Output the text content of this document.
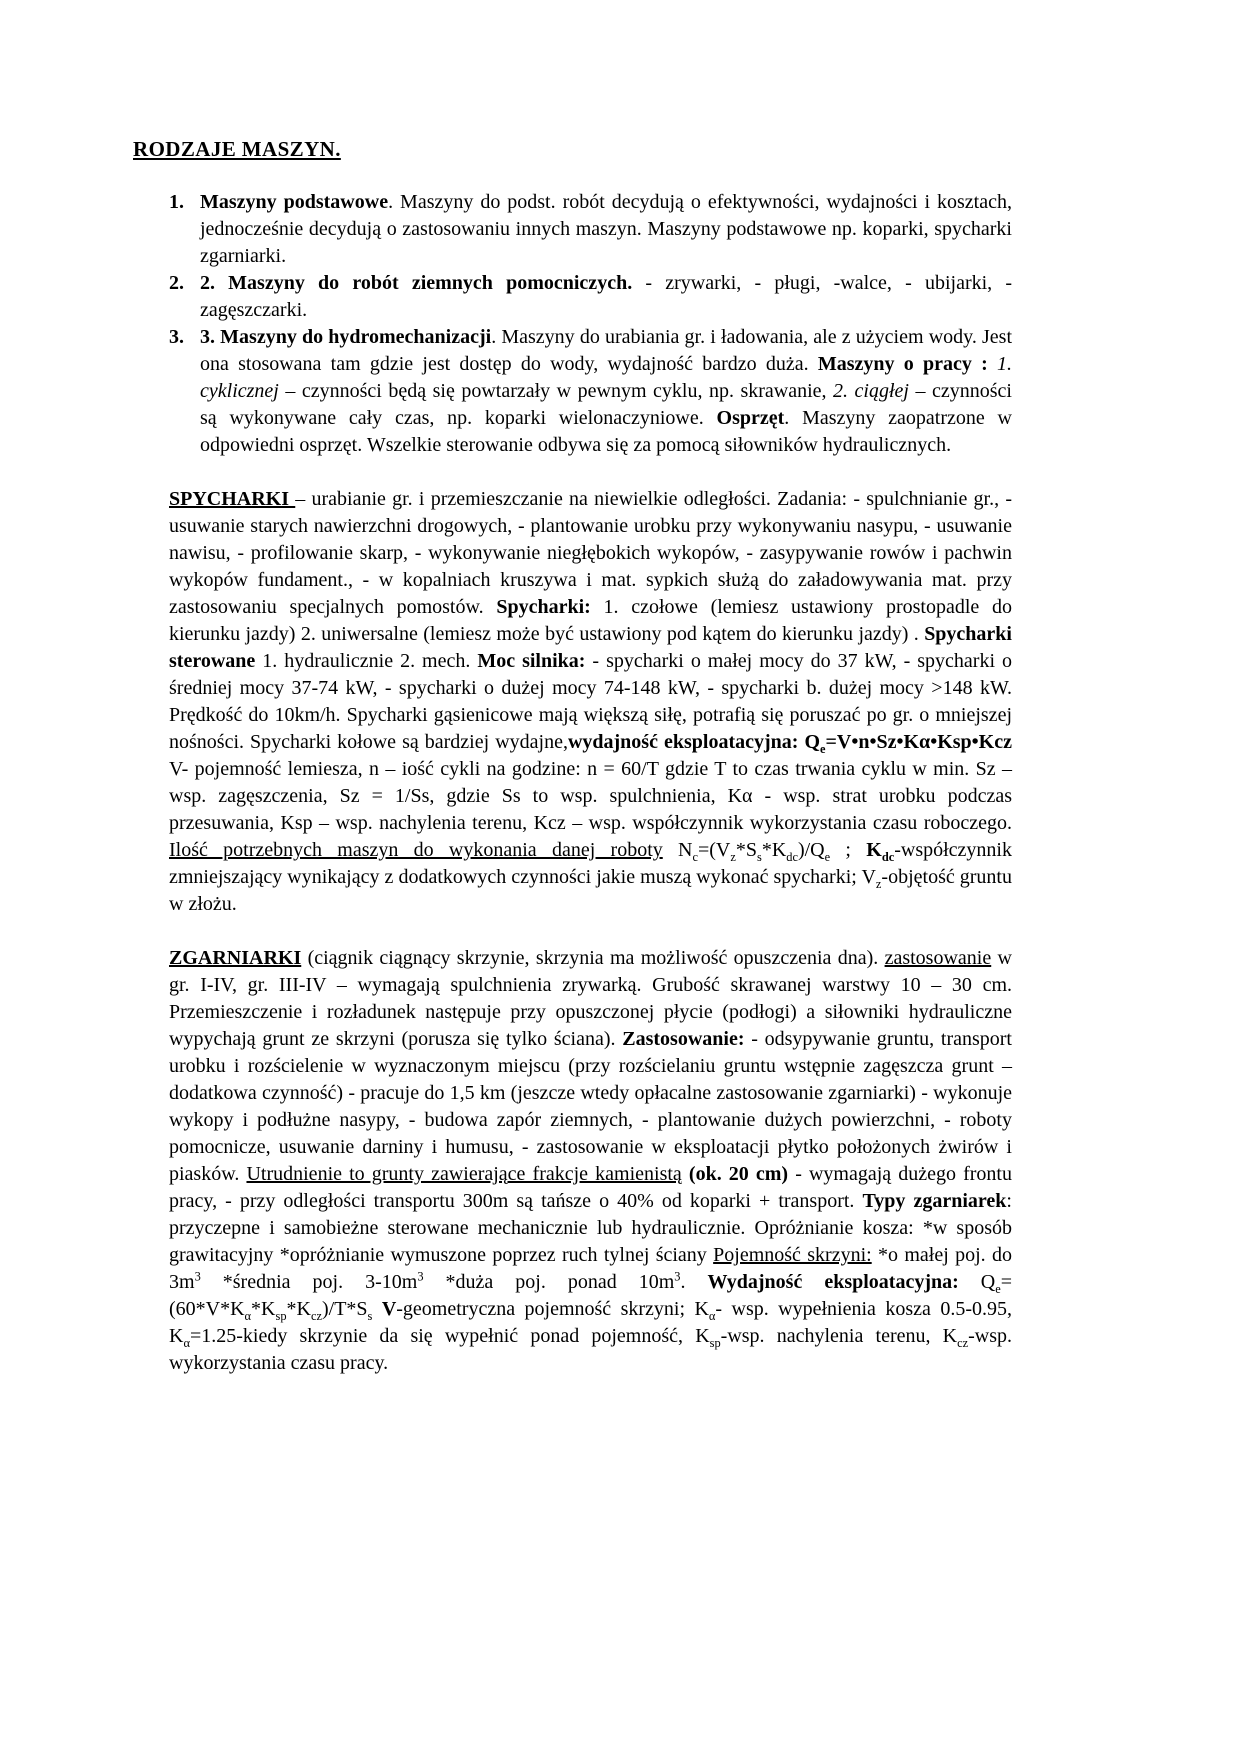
RODZAJE MASZYN.
1. Maszyny podstawowe. Maszyny do podst. robót decydują o efektywności, wydajności i kosztach, jednocześnie decydują o zastosowaniu innych maszyn. Maszyny podstawowe np. koparki, spycharki zgarniarki.
2. 2. Maszyny do robót ziemnych pomocniczych. - zrywarki, - pługi, -walce, - ubijarki, - zagęszczarki.
3. 3. Maszyny do hydromechanizacji. Maszyny do urabiania gr. i ładowania, ale z użyciem wody. Jest ona stosowana tam gdzie jest dostęp do wody, wydajność bardzo duża. Maszyny o pracy : 1. cyklicznej – czynności będą się powtarzały w pewnym cyklu, np. skrawanie, 2. ciągłej – czynności są wykonywane cały czas, np. koparki wielonaczyniowe. Osprzęt. Maszyny zaopatrzone w odpowiedni osprzęt. Wszelkie sterowanie odbywa się za pomocą siłowników hydraulicznych.

SPYCHARKI – urabianie gr. i przemieszczanie na niewielkie odległości. Zadania: - spulchnianie gr., - usuwanie starych nawierzchni drogowych, - plantowanie urobku przy wykonywaniu nasypu, - usuwanie nawisu, - profilowanie skarp, - wykonywanie niegłębokich wykopów, - zasypywanie rowów i pachwin wykopów fundament., - w kopalniach kruszywa i mat. sypkich służą do załadowywania mat. przy zastosowaniu specjalnych pomostów. Spycharki: 1. czołowe (lemiesz ustawiony prostopadle do kierunku jazdy) 2. uniwersalne (lemiesz może być ustawiony pod kątem do kierunku jazdy) . Spycharki sterowane 1. hydraulicznie 2. mech. Moc silnika: - spycharki o małej mocy do 37 kW, - spycharki o średniej mocy 37-74 kW, - spycharki o dużej mocy 74-148 kW, - spycharki b. dużej mocy >148 kW. Prędkość do 10km/h. Spycharki gąsienicowe mają większą siłę, potrafią się poruszać po gr. o mniejszej nośności. Spycharki kołowe są bardziej wydajne,wydajność eksploatacyjna: $Q_e=V•n•Sz•K\alpha•Ksp•Kcz$ V- pojemność lemiesza, n – iość cykli na godzine: n = 60/T gdzie T to czas trwania cyklu w min. Sz – wsp. zagęszczenia, Sz = 1/Ss, gdzie Ss to wsp. spulchnienia, Kα - wsp. strat urobku podczas przesuwania, Ksp – wsp. nachylenia terenu, Kcz – wsp. współczynnik wykorzystania czasu roboczego. Ilość potrzebnych maszyn do wykonania danej roboty $N_c=(V_z*S_s*K_{dc})/Q_e$ ; $K_{dc}$-współczynnik zmniejszający wynikający z dodatkowych czynności jakie muszą wykonać spycharki; $V_z$-objętość gruntu w złożu.

ZGARNIARKI (ciągnik ciągnący skrzynie, skrzynia ma możliwość opuszczenia dna). zastosowanie w gr. I-IV, gr. III-IV – wymagają spulchnienia zrywarką. Grubość skrawanej warstwy 10 – 30 cm. Przemieszczenie i rozładunek następuje przy opuszczonej płycie (podłogi) a siłowniki hydrauliczne wypychają grunt ze skrzyni (porusza się tylko ściana). Zastosowanie: - odsypywanie gruntu, transport urobku i rozścielenie w wyznaczonym miejscu (przy rozścielaniu gruntu wstępnie zagęszcza grunt – dodatkowa czynność) - pracuje do 1,5 km (jeszcze wtedy opłacalne zastosowanie zgarniarki) - wykonuje wykopy i podłużne nasypy, - budowa zapór ziemnych, - plantowanie dużych powierzchni, - roboty pomocnicze, usuwanie darniny i humusu, - zastosowanie w eksploatacji płytko położonych żwirów i piasków. Utrudnienie to grunty zawierające frakcje kamienistą (ok. 20 cm) - wymagają dużego frontu pracy, - przy odległości transportu 300m są tańsze o 40% od koparki + transport. Typy zgarniarek: przyczepne i samobieżne sterowane mechanicznie lub hydraulicznie. Opróżnianie kosza: *w sposób grawitacyjny *opróżnianie wymuszone poprzez ruch tylnej ściany Pojemność skrzyni: *o małej poj. do $3m^3$ *średnia poj. $3-10m^3$ *duża poj. ponad $10m^3$. Wydajność eksploatacyjna: $Q_e=(60*V*K_\alpha*K_{sp}*K_{cz})/T*S_s$ V-geometryczna pojemność skrzyni; $K_\alpha-$ wsp. wypełnienia kosza 0.5-0.95, $K_\alpha=1.25$-kiedy skrzynie da się wypełnić ponad pojemność, $K_{sp}$-wsp. nachylenia terenu, $K_{cz}$-wsp. wykorzystania czasu pracy.
